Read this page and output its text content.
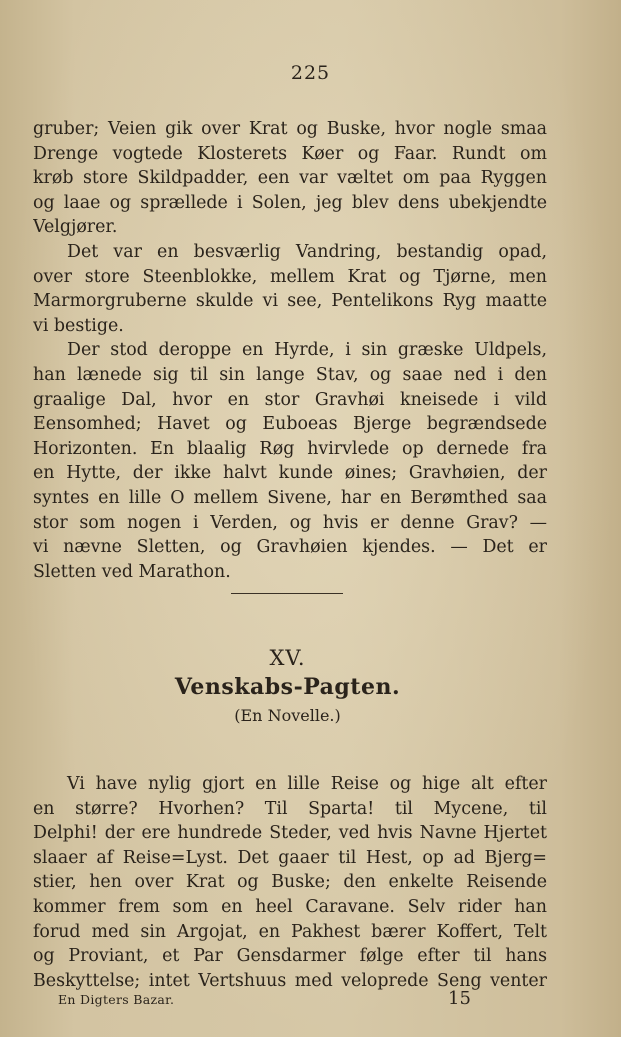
225
gruber; Veien gik over Krat og Buske, hvor nogle smaa
Drenge vogtede Klosterets Køer og Faar. Rundt om
krøb store Skildpadder, een var væltet om paa Ryggen
og laae og sprællede i Solen, jeg blev dens ubekjendte
Velgjører.
Det var en besværlig Vandring, bestandig opad,
over store Steenblokke, mellem Krat og Tjørne, men
Marmorgruberne skulde vi see, Pentelikons Ryg maatte
vi bestige.
Der stod deroppe en Hyrde, i sin græske Uldpels,
han lænede sig til sin lange Stav, og saae ned i den
graalige Dal, hvor en stor Gravhøi kneisede i vild
Eensomhed; Havet og Euboeas Bjerge begrændsede
Horizonten. En blaalig Røg hvirvlede op dernede fra
en Hytte, der ikke halvt kunde øines; Gravhøien, der
syntes en lille O mellem Sivene, har en Berømthed saa
stor som nogen i Verden, og hvis er denne Grav? —
vi nævne Sletten, og Gravhøien kjendes. — Det er
Sletten ved Marathon.
XV.
Venskabs-Pagten.
(En Novelle.)
Vi have nylig gjort en lille Reise og hige alt efter
en større? Hvorhen? Til Sparta! til Mycene, til
Delphi! der ere hundrede Steder, ved hvis Navne Hjertet
slaaer af Reise=Lyst. Det gaaer til Hest, op ad Bjerg=
stier, hen over Krat og Buske; den enkelte Reisende
kommer frem som en heel Caravane. Selv rider han
forud med sin Argojat, en Pakhest bærer Koffert, Telt
og Proviant, et Par Gensdarmer følge efter til hans
Beskyttelse; intet Vertshuus med veloprede Seng venter
En Digters Bazar.	15
